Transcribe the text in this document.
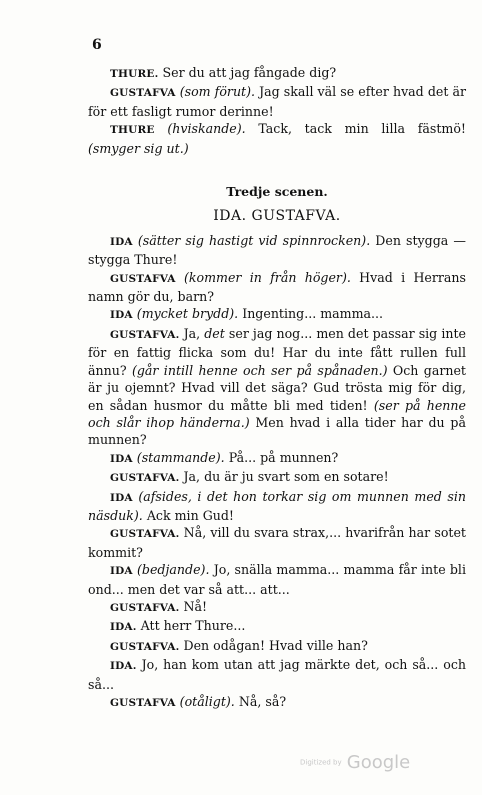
6

THURE. Ser du att jag fångade dig?

GUSTAFVA (som förut). Jag skall väl se efter hvad det är för ett fasligt rumor derinne!

THURE (hviskande). Tack, tack min lilla fästmö! (smyger sig ut.)

Tredje scenen.
IDA. GUSTAFVA.

IDA (sätter sig hastigt vid spinnrocken). Den stygga — stygga Thure!

GUSTAFVA (kommer in från höger). Hvad i Herrans namn gör du, barn?

IDA (mycket brydd). Ingenting... mamma...

GUSTAFVA. Ja, det ser jag nog... men det passar sig inte för en fattig flicka som du! Har du inte fått rullen full ännu? (går intill henne och ser på spånaden.) Och garnet är ju ojemnt? Hvad vill det säga? Gud trösta mig för dig, en sådan husmor du måtte bli med tiden! (ser på henne och slår ihop händerna.) Men hvad i alla tider har du på munnen?

IDA (stammande). På... på munnen?

GUSTAFVA. Ja, du är ju svart som en sotare!

IDA (afsides, i det hon torkar sig om munnen med sin näsduk). Ack min Gud!

GUSTAFVA. Nå, vill du svara strax,... hvarifrån har sotet kommit?

IDA (bedjande). Jo, snälla mamma... mamma får inte bli ond... men det var så att... att...

GUSTAFVA. Nå!

IDA. Att herr Thure...

GUSTAFVA. Den odågan! Hvad ville han?

IDA. Jo, han kom utan att jag märkte det, och så... och så...

GUSTAFVA (otåligt). Nå, så?

Digitized by Google
